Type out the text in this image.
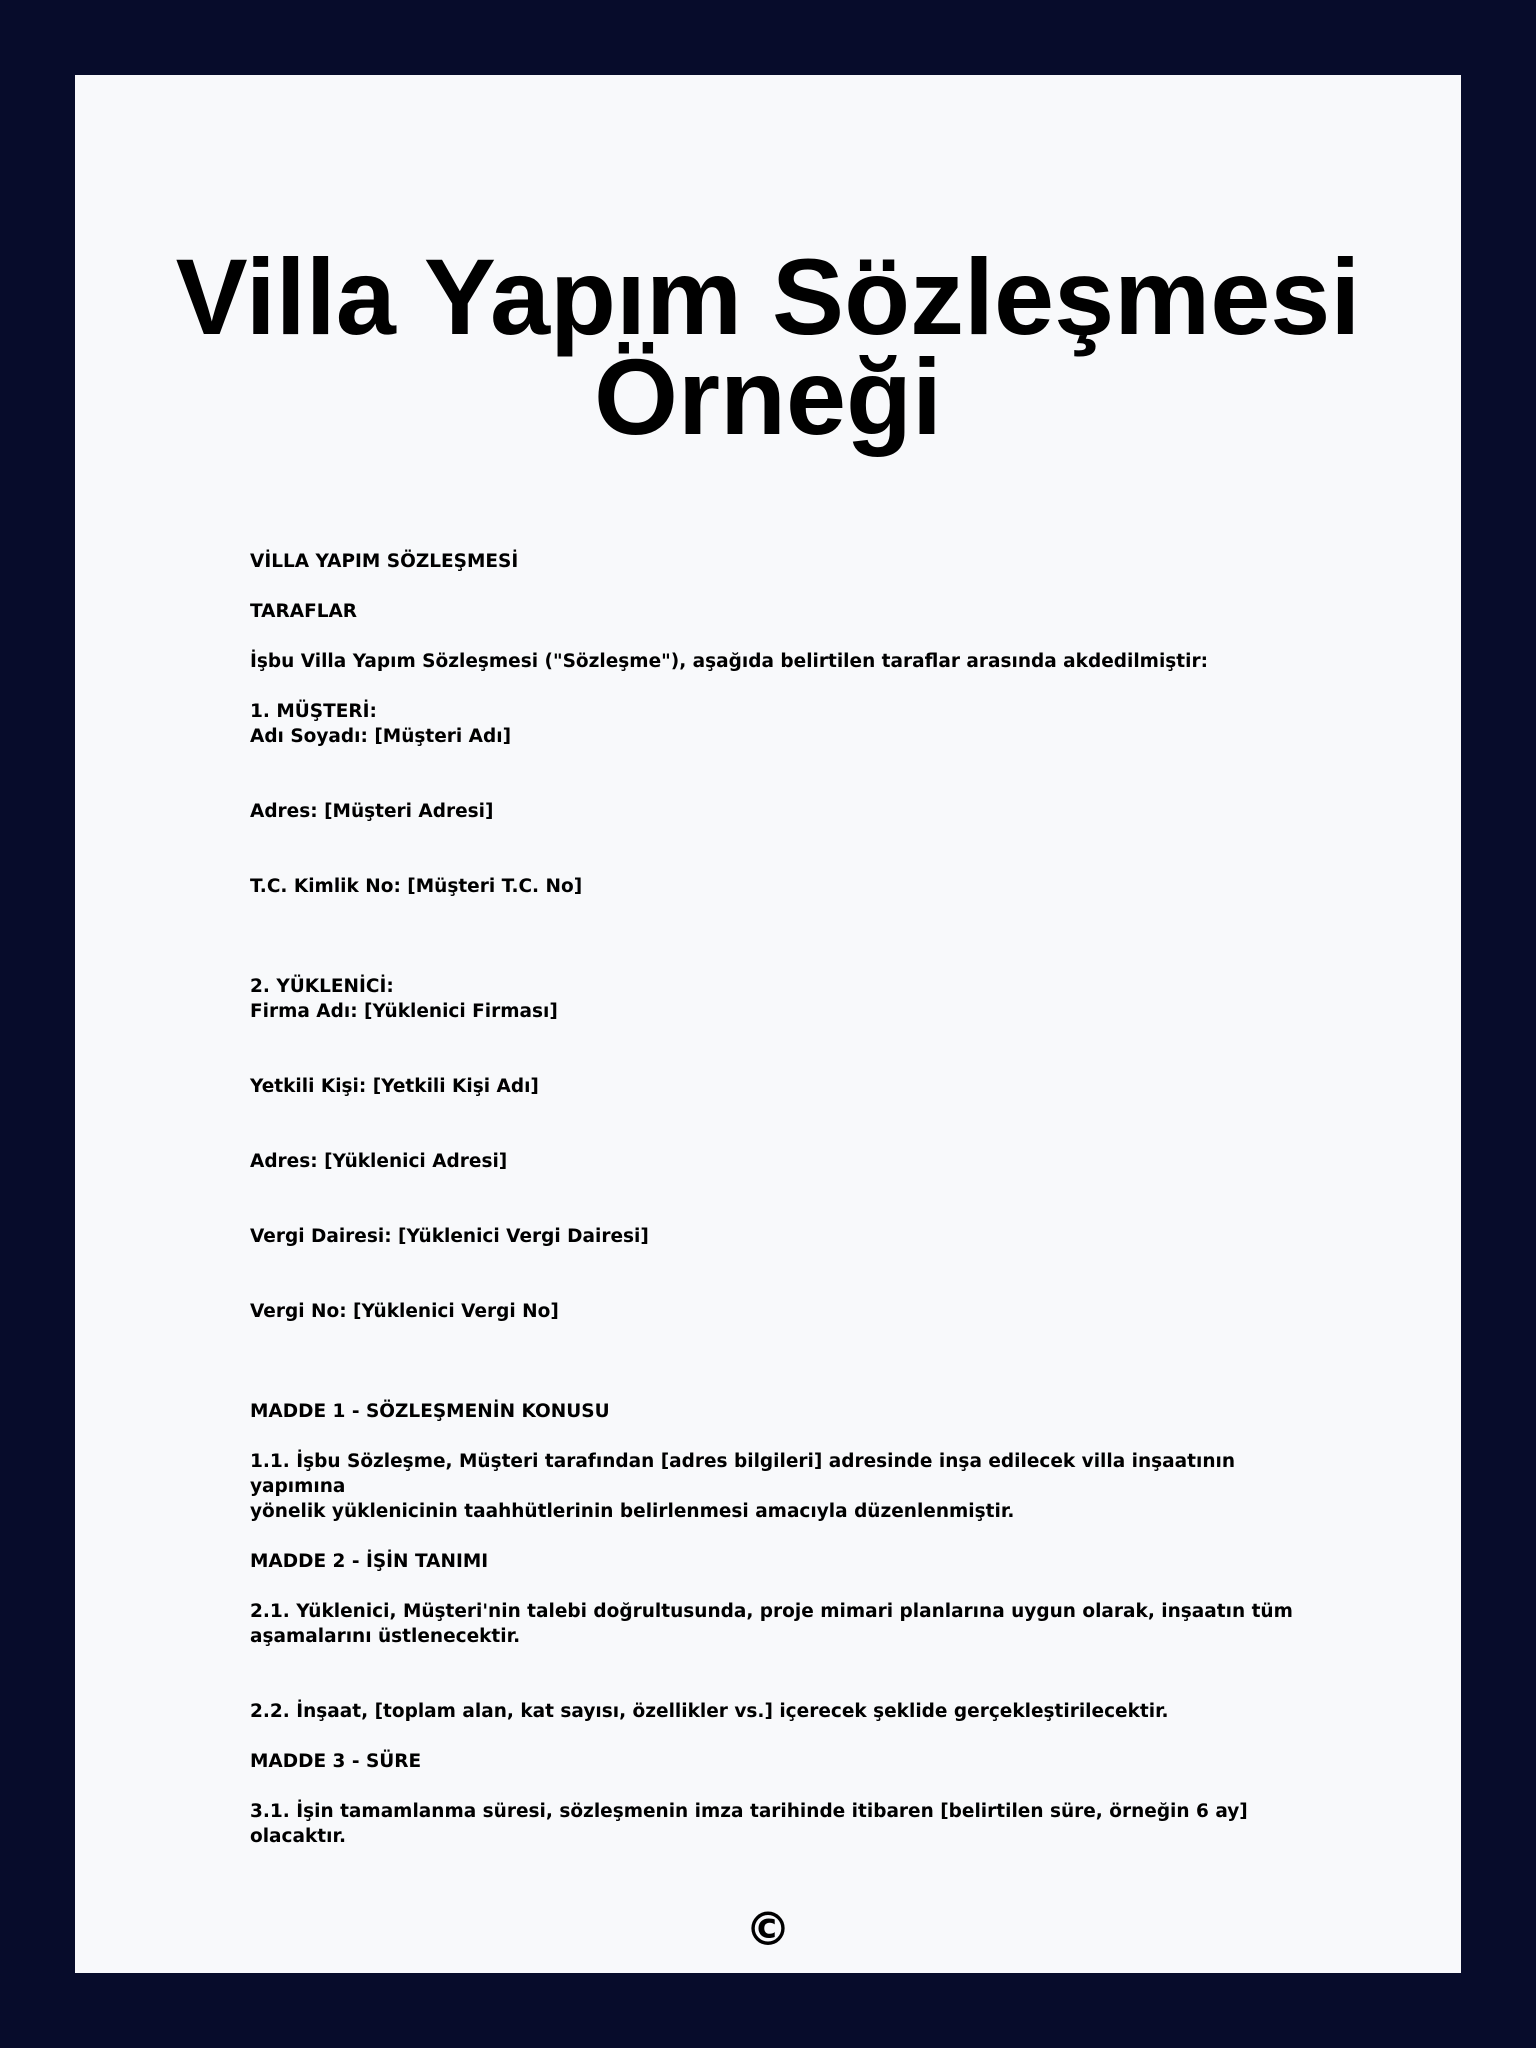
Villa Yapım Sözleşmesi
Örneği

VİLLA YAPIM SÖZLEŞMESİ

TARAFLAR

İşbu Villa Yapım Sözleşmesi ("Sözleşme"), aşağıda belirtilen taraflar arasında akdedilmiştir:

1. MÜŞTERİ:
Adı Soyadı: [Müşteri Adı]

Adres: [Müşteri Adresi]

T.C. Kimlik No: [Müşteri T.C. No]

2. YÜKLENİCİ:
Firma Adı: [Yüklenici Firması]

Yetkili Kişi: [Yetkili Kişi Adı]

Adres: [Yüklenici Adresi]

Vergi Dairesi: [Yüklenici Vergi Dairesi]

Vergi No: [Yüklenici Vergi No]

MADDE 1 - SÖZLEŞMENİN KONUSU

1.1. İşbu Sözleşme, Müşteri tarafından [adres bilgileri] adresinde inşa edilecek villa inşaatının yapımına
yönelik yüklenicinin taahhütlerinin belirlenmesi amacıyla düzenlenmiştir.

MADDE 2 - İŞİN TANIMI

2.1. Yüklenici, Müşteri'nin talebi doğrultusunda, proje mimari planlarına uygun olarak, inşaatın tüm
aşamalarını üstlenecektir.

2.2. İnşaat, [toplam alan, kat sayısı, özellikler vs.] içerecek şeklide gerçekleştirilecektir.

MADDE 3 - SÜRE

3.1. İşin tamamlanma süresi, sözleşmenin imza tarihinde itibaren [belirtilen süre, örneğin 6 ay] olacaktır.

©
